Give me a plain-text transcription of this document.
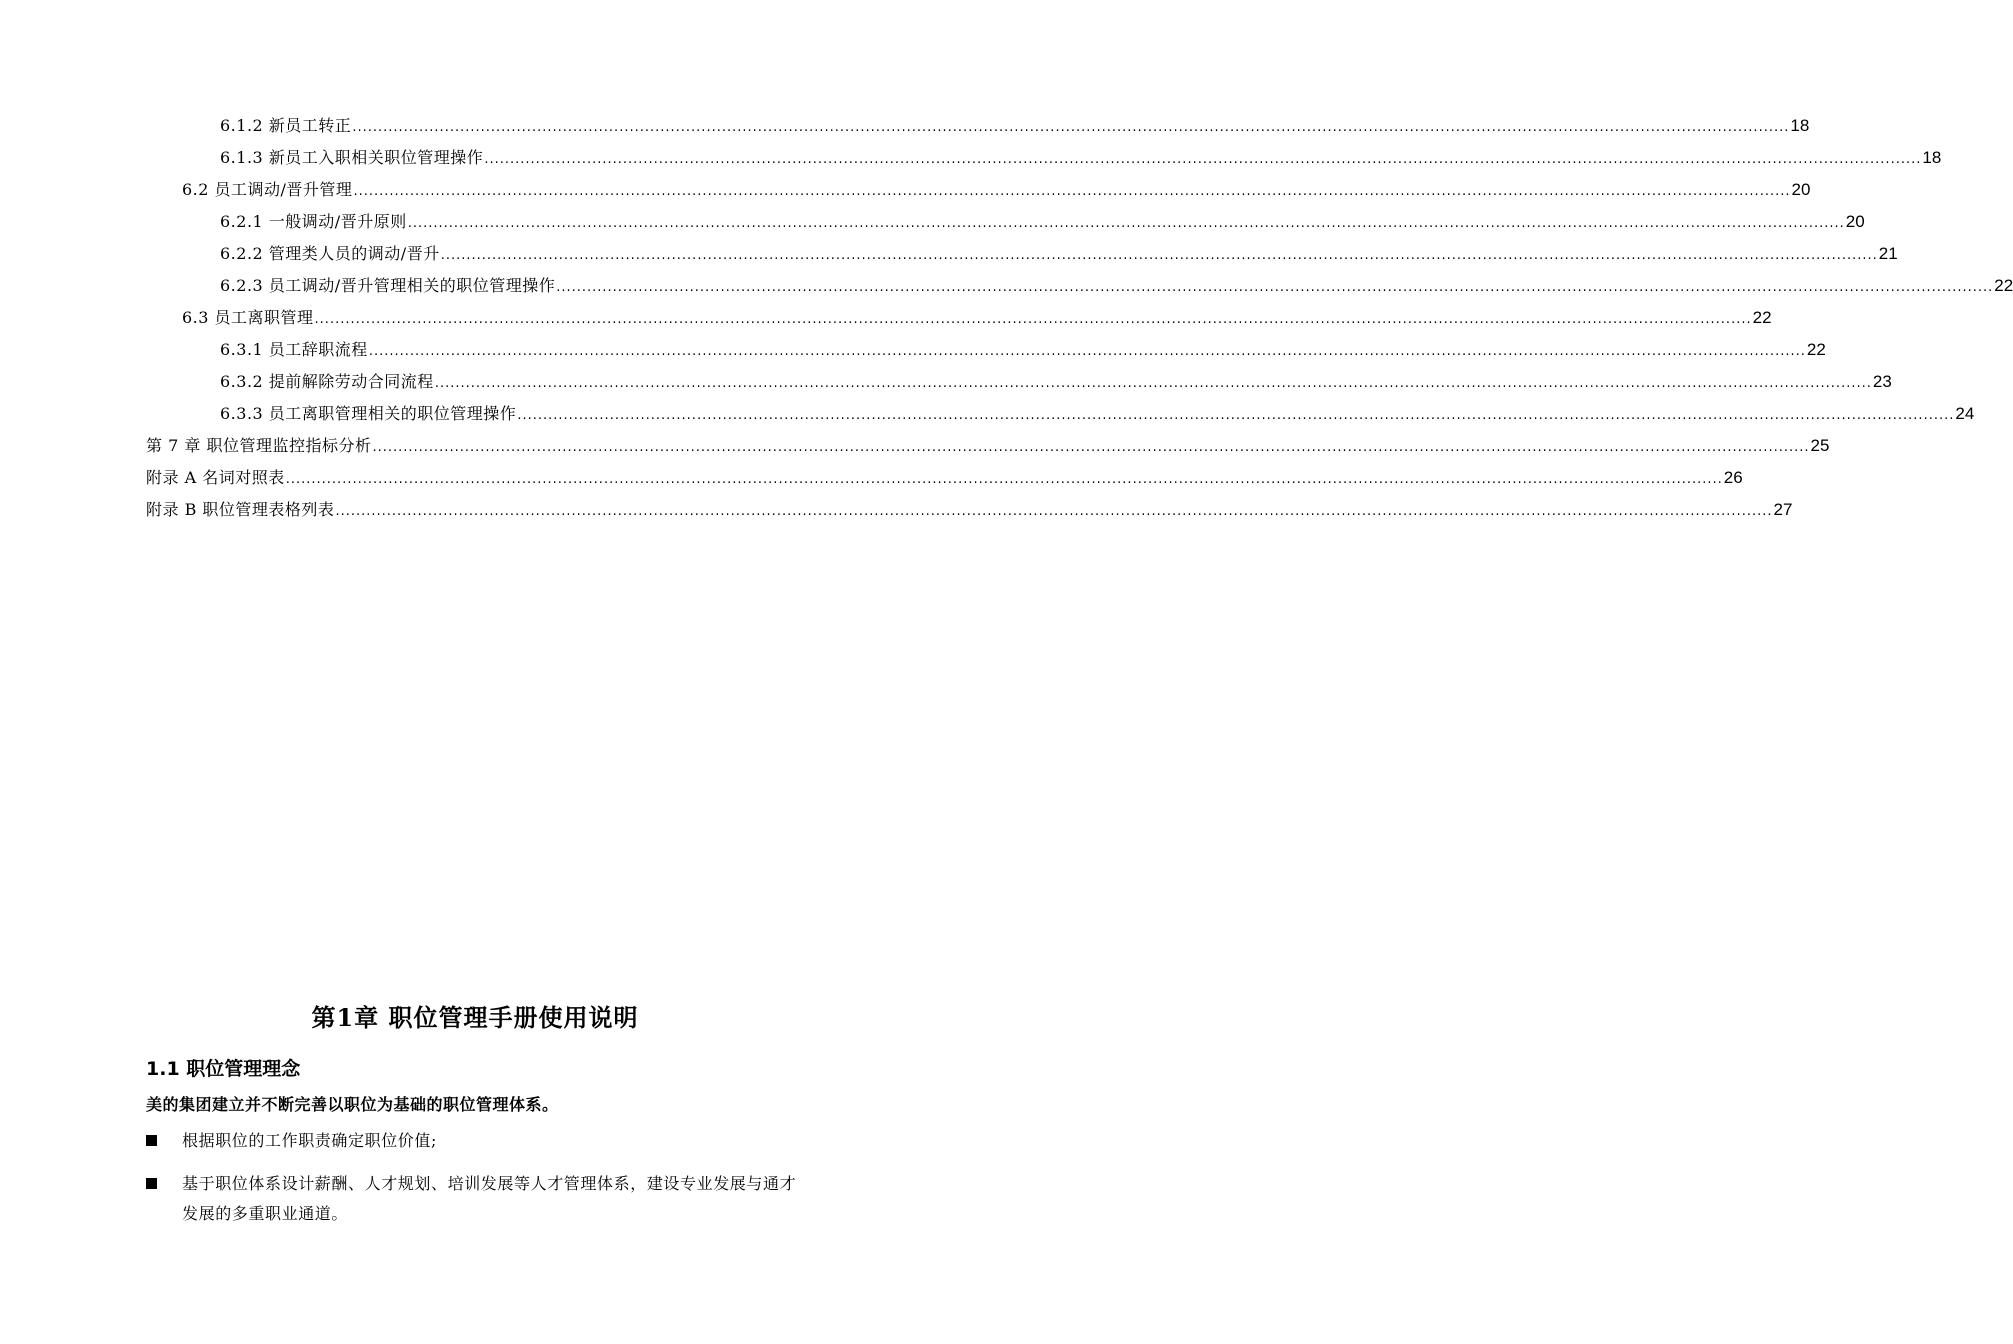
6.1.2 新员工转正 ........................................................................................................................................................................................................................................................................................ 18
6.1.3 新员工入职相关职位管理操作 ........................................................................................................................................................................................................................................................................................ 18
6.2 员工调动/晋升管理 ........................................................................................................................................................................................................................................................................................ 20
6.2.1 一般调动/晋升原则 ........................................................................................................................................................................................................................................................................................ 20
6.2.2 管理类人员的调动/晋升 ........................................................................................................................................................................................................................................................................................ 21
6.2.3 员工调动/晋升管理相关的职位管理操作 ........................................................................................................................................................................................................................................................................................ 22
6.3 员工离职管理 ........................................................................................................................................................................................................................................................................................ 22
6.3.1 员工辞职流程 ........................................................................................................................................................................................................................................................................................ 22
6.3.2 提前解除劳动合同流程 ........................................................................................................................................................................................................................................................................................ 23
6.3.3 员工离职管理相关的职位管理操作 ........................................................................................................................................................................................................................................................................................ 24
第 7 章 职位管理监控指标分析 ........................................................................................................................................................................................................................................................................................ 25
附录 A 名词对照表 ........................................................................................................................................................................................................................................................................................ 26
附录 B 职位管理表格列表 ........................................................................................................................................................................................................................................................................................ 27
第1章 职位管理手册使用说明
1.1 职位管理理念
美的集团建立并不断完善以职位为基础的职位管理体系。
根据职位的工作职责确定职位价值;
基于职位体系设计薪酬、人才规划、培训发展等人才管理体系，建设专业发展与通才发展的多重职业通道。
